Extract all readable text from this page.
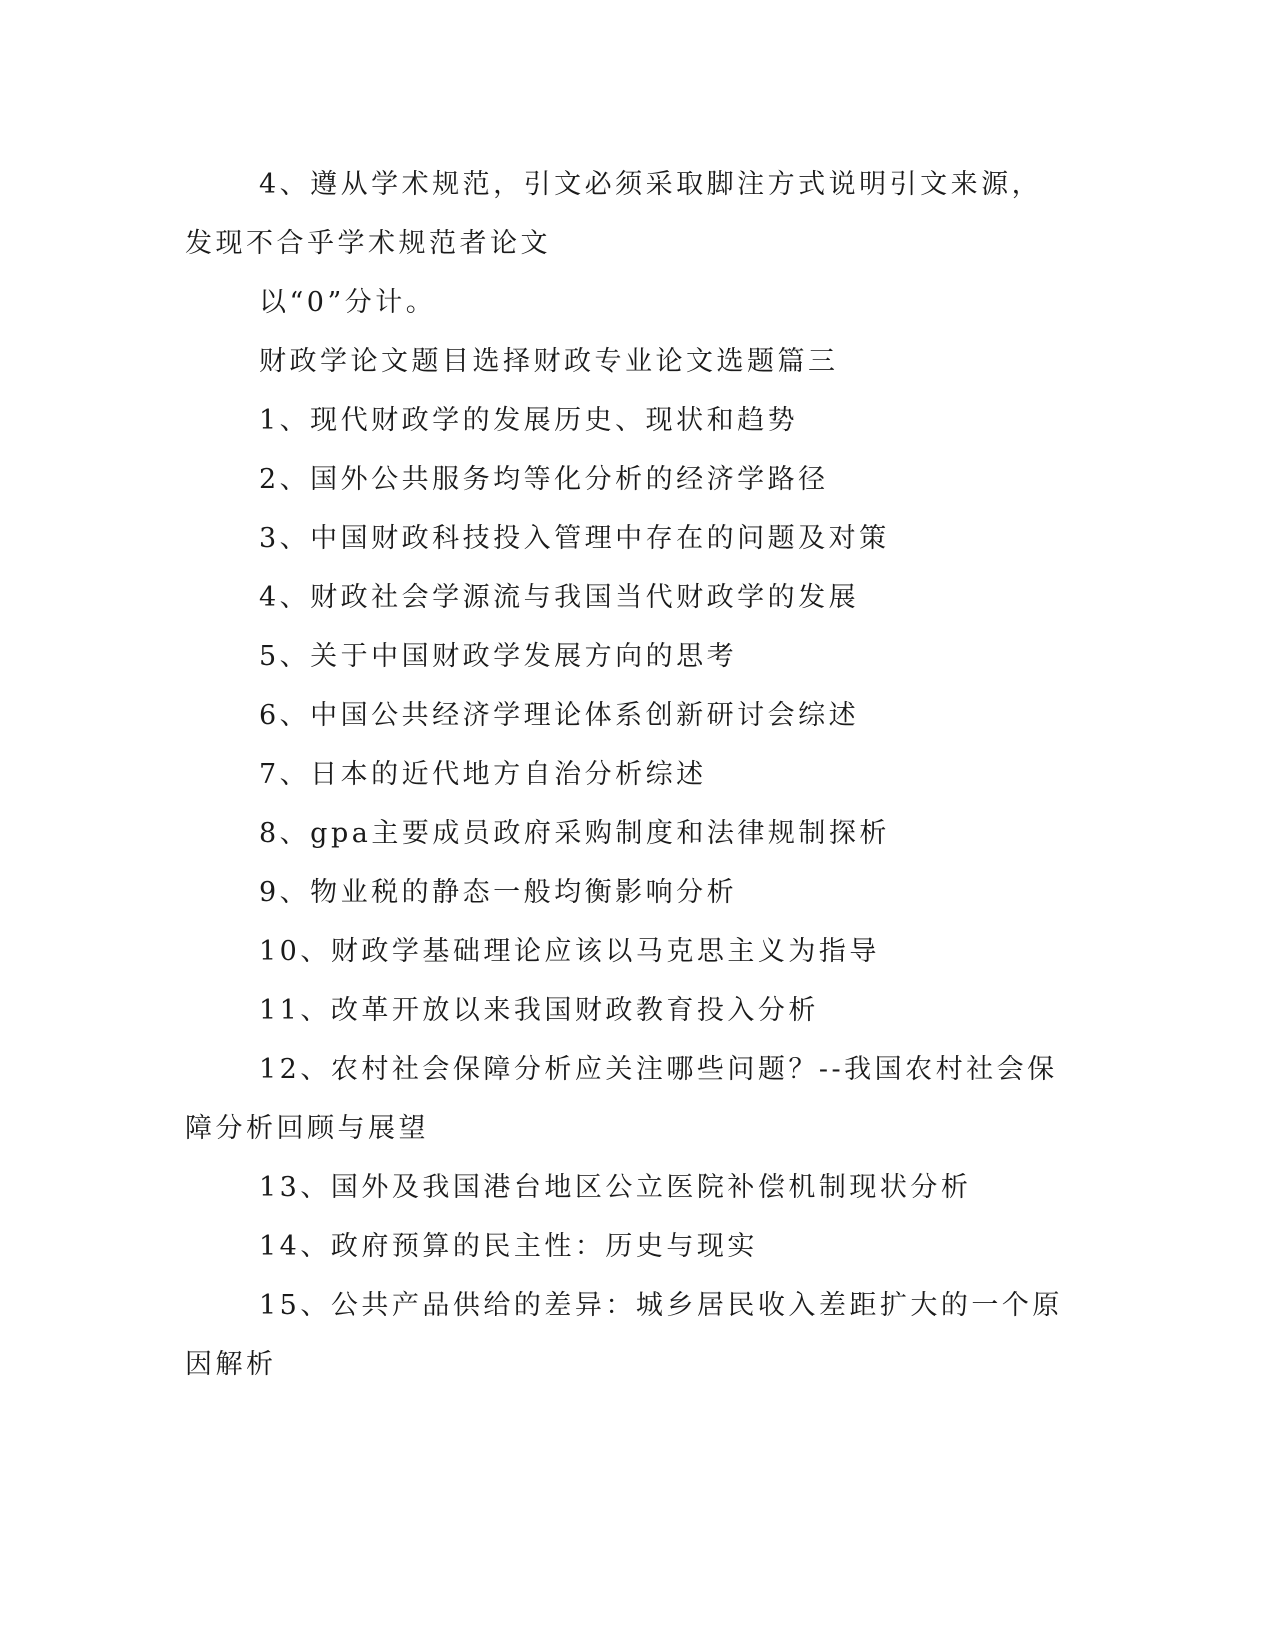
4、遵从学术规范，引文必须采取脚注方式说明引文来源，发现不合乎学术规范者论文

以“0”分计。

财政学论文题目选择财政专业论文选题篇三

1、现代财政学的发展历史、现状和趋势

2、国外公共服务均等化分析的经济学路径

3、中国财政科技投入管理中存在的问题及对策

4、财政社会学源流与我国当代财政学的发展

5、关于中国财政学发展方向的思考

6、中国公共经济学理论体系创新研讨会综述

7、日本的近代地方自治分析综述

8、gpa主要成员政府采购制度和法律规制探析

9、物业税的静态一般均衡影响分析

10、财政学基础理论应该以马克思主义为指导

11、改革开放以来我国财政教育投入分析

12、农村社会保障分析应关注哪些问题？--我国农村社会保障分析回顾与展望

13、国外及我国港台地区公立医院补偿机制现状分析

14、政府预算的民主性：历史与现实

15、公共产品供给的差异：城乡居民收入差距扩大的一个原因解析
